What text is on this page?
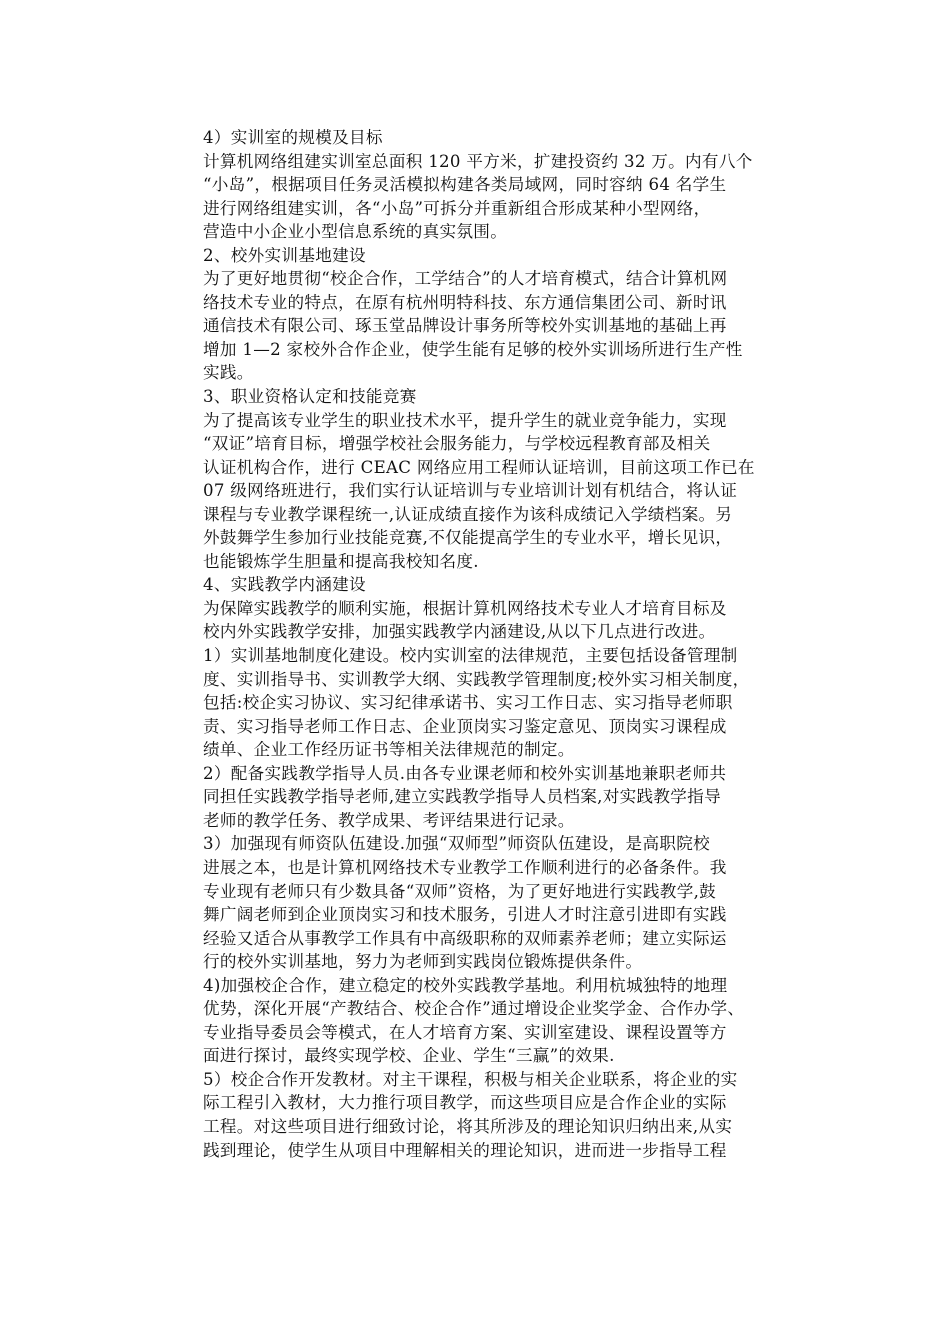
4）实训室的规模及目标
计算机网络组建实训室总面积 120 平方米，扩建投资约 32 万。内有八个
“小岛”，根据项目任务灵活模拟构建各类局域网，同时容纳 64 名学生
进行网络组建实训，各“小岛”可拆分并重新组合形成某种小型网络，
营造中小企业小型信息系统的真实氛围。
2、校外实训基地建设
为了更好地贯彻“校企合作，工学结合”的人才培育模式，结合计算机网
络技术专业的特点，在原有杭州明特科技、东方通信集团公司、新时讯
通信技术有限公司、琢玉堂品牌设计事务所等校外实训基地的基础上再
增加 1—2 家校外合作企业，使学生能有足够的校外实训场所进行生产性
实践。
3、职业资格认定和技能竞赛
为了提高该专业学生的职业技术水平，提升学生的就业竞争能力，实现
“双证”培育目标，增强学校社会服务能力，与学校远程教育部及相关
认证机构合作，进行 CEAC 网络应用工程师认证培训，目前这项工作已在
07 级网络班进行，我们实行认证培训与专业培训计划有机结合，将认证
课程与专业教学课程统一,认证成绩直接作为该科成绩记入学绩档案。另
外鼓舞学生参加行业技能竞赛,不仅能提高学生的专业水平，增长见识，
也能锻炼学生胆量和提高我校知名度.
4、实践教学内涵建设
为保障实践教学的顺利实施，根据计算机网络技术专业人才培育目标及
校内外实践教学安排，加强实践教学内涵建设,从以下几点进行改进。
1）实训基地制度化建设。校内实训室的法律规范，主要包括设备管理制
度、实训指导书、实训教学大纲、实践教学管理制度;校外实习相关制度，
包括:校企实习协议、实习纪律承诺书、实习工作日志、实习指导老师职
责、实习指导老师工作日志、企业顶岗实习鉴定意见、顶岗实习课程成
绩单、企业工作经历证书等相关法律规范的制定。
2）配备实践教学指导人员.由各专业课老师和校外实训基地兼职老师共
同担任实践教学指导老师,建立实践教学指导人员档案,对实践教学指导
老师的教学任务、教学成果、考评结果进行记录。
3）加强现有师资队伍建设.加强“双师型”师资队伍建设，是高职院校
进展之本，也是计算机网络技术专业教学工作顺利进行的必备条件。我
专业现有老师只有少数具备“双师”资格，为了更好地进行实践教学,鼓
舞广阔老师到企业顶岗实习和技术服务，引进人才时注意引进即有实践
经验又适合从事教学工作具有中高级职称的双师素养老师；建立实际运
行的校外实训基地，努力为老师到实践岗位锻炼提供条件。
4)加强校企合作，建立稳定的校外实践教学基地。利用杭城独特的地理
优势，深化开展“产教结合、校企合作”通过增设企业奖学金、合作办学、
专业指导委员会等模式，在人才培育方案、实训室建设、课程设置等方
面进行探讨，最终实现学校、企业、学生“三赢”的效果.
5）校企合作开发教材。对主干课程，积极与相关企业联系，将企业的实
际工程引入教材，大力推行项目教学，而这些项目应是合作企业的实际
工程。对这些项目进行细致讨论，将其所涉及的理论知识归纳出来,从实
践到理论，使学生从项目中理解相关的理论知识，进而进一步指导工程
